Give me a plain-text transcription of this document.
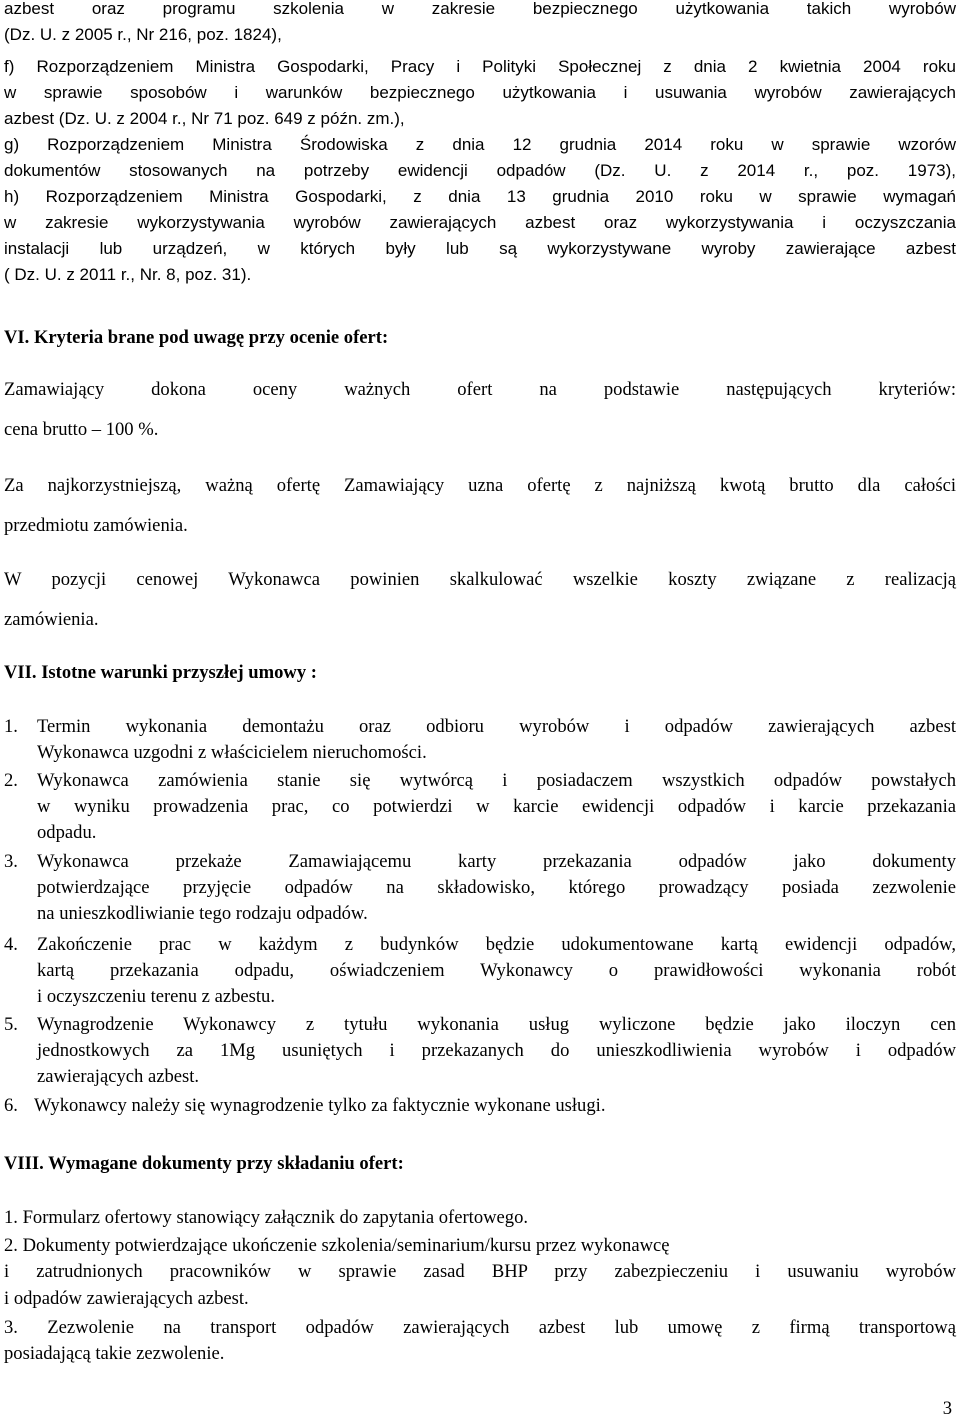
azbest oraz programu szkolenia w zakresie bezpiecznego użytkowania takich wyrobów
(Dz. U. z 2005 r., Nr 216, poz. 1824),
f) Rozporządzeniem Ministra Gospodarki, Pracy i Polityki Społecznej z dnia 2 kwietnia 2004 roku
w sprawie sposobów i warunków bezpiecznego użytkowania i usuwania wyrobów zawierających
azbest (Dz. U. z 2004 r., Nr 71 poz. 649 z późn. zm.),
g) Rozporządzeniem Ministra Środowiska z dnia 12 grudnia 2014 roku w sprawie wzorów
dokumentów stosowanych na potrzeby ewidencji odpadów (Dz. U. z 2014 r., poz. 1973),
h) Rozporządzeniem Ministra Gospodarki, z dnia 13 grudnia 2010 roku w sprawie wymagań
w zakresie wykorzystywania wyrobów zawierających azbest oraz wykorzystywania i oczyszczania
instalacji lub urządzeń, w których były lub są wykorzystywane wyroby zawierające azbest
( Dz. U. z 2011 r., Nr. 8, poz. 31).
VI. Kryteria brane pod uwagę przy ocenie ofert:
Zamawiający dokona oceny ważnych ofert na podstawie następujących kryteriów:
cena brutto – 100 %.
Za najkorzystniejszą, ważną ofertę Zamawiający uzna ofertę z najniższą kwotą brutto dla całości
przedmiotu zamówienia.
W pozycji cenowej Wykonawca powinien skalkulować wszelkie koszty związane z realizacją
zamówienia.
VII. Istotne warunki przyszłej umowy :
1. Termin wykonania demontażu oraz odbioru wyrobów i odpadów zawierających azbest
Wykonawca uzgodni z właścicielem nieruchomości.
2. Wykonawca zamówienia stanie się wytwórcą i posiadaczem wszystkich odpadów powstałych
w wyniku prowadzenia prac, co potwierdzi w karcie ewidencji odpadów i karcie przekazania
odpadu.
3. Wykonawca przekaże Zamawiającemu karty przekazania odpadów jako dokumenty
potwierdzające przyjęcie odpadów na składowisko, którego prowadzący posiada zezwolenie
na unieszkodliwianie tego rodzaju odpadów.
4. Zakończenie prac w każdym z budynków będzie udokumentowane kartą ewidencji odpadów,
kartą przekazania odpadu, oświadczeniem Wykonawcy o prawidłowości wykonania robót
i oczyszczeniu terenu z azbestu.
5. Wynagrodzenie Wykonawcy z tytułu wykonania usług wyliczone będzie jako iloczyn cen
jednostkowych za 1Mg usuniętych i przekazanych do unieszkodliwienia wyrobów i odpadów
zawierających azbest.
6. Wykonawcy należy się wynagrodzenie tylko za faktycznie wykonane usługi.
VIII. Wymagane dokumenty przy składaniu ofert:
1. Formularz ofertowy stanowiący załącznik do zapytania ofertowego.
2. Dokumenty potwierdzające ukończenie szkolenia/seminarium/kursu przez wykonawcę
i zatrudnionych pracowników w sprawie zasad BHP przy zabezpieczeniu i usuwaniu wyrobów
i odpadów zawierających azbest.
3. Zezwolenie na transport odpadów zawierających azbest lub umowę z firmą transportową
posiadającą takie zezwolenie.
3
